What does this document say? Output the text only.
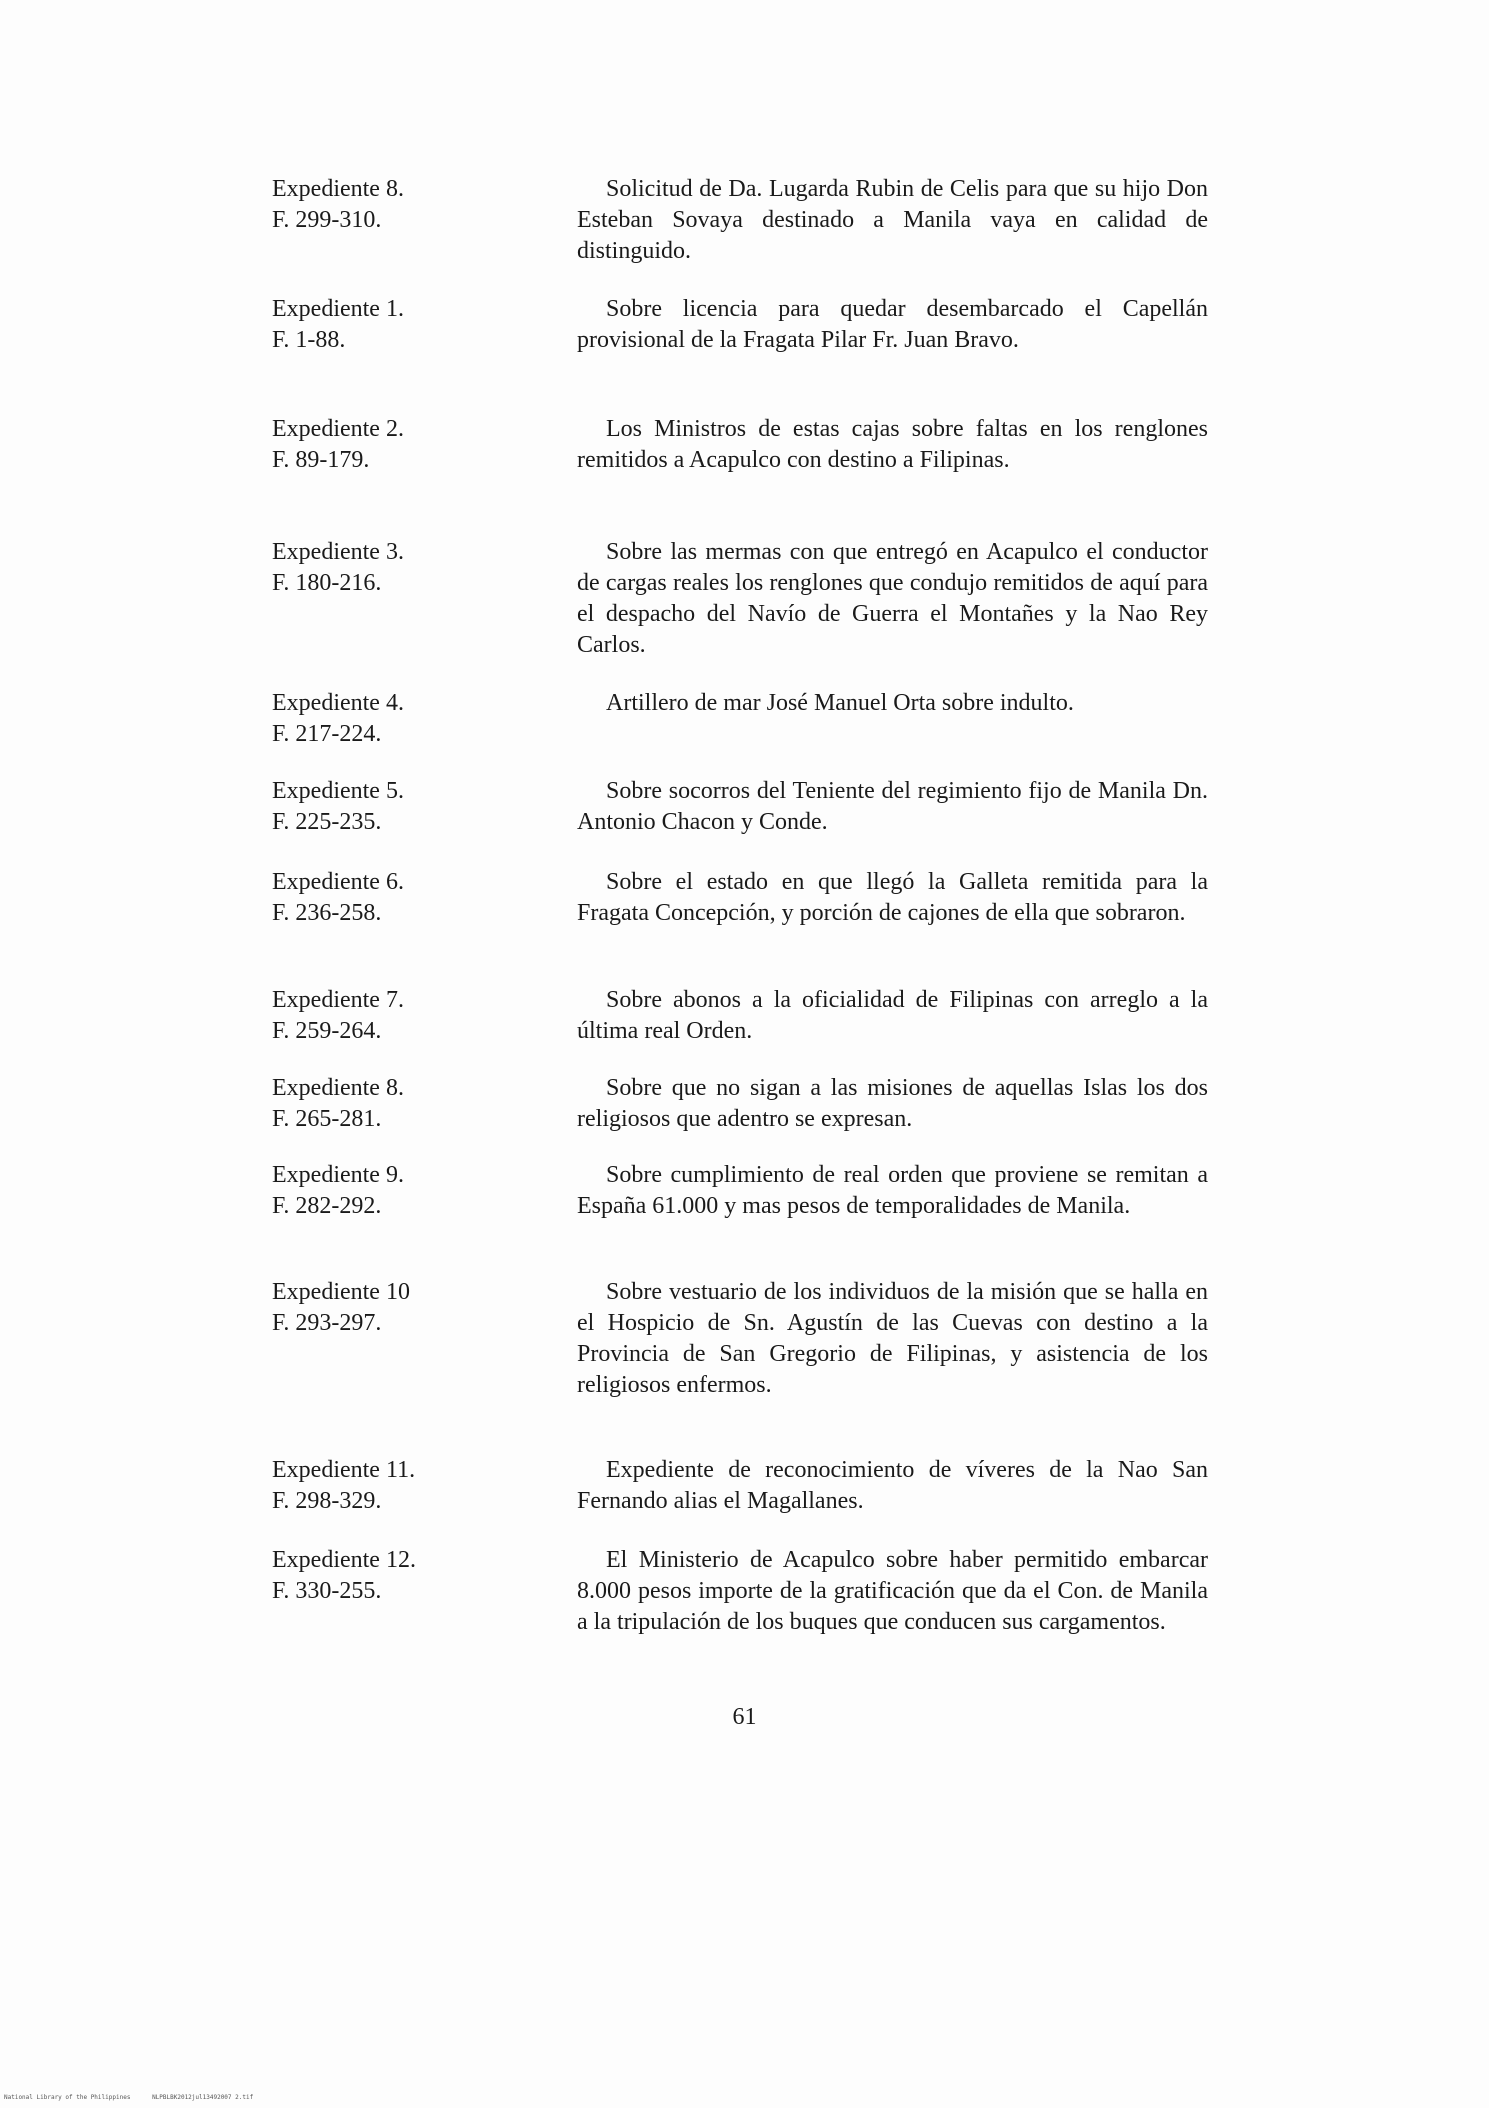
Expediente 8.
F. 299-310.
Solicitud de Da. Lugarda Rubin de Celis para que su hijo Don Esteban Sovaya destinado a Manila vaya en calidad de distinguido.
Expediente 1.
F. 1-88.
Sobre licencia para quedar desembarcado el Capellán provisional de la Fragata Pilar Fr. Juan Bravo.
Expediente 2.
F. 89-179.
Los Ministros de estas cajas sobre faltas en los renglones remitidos a Acapulco con destino a Filipinas.
Expediente 3.
F. 180-216.
Sobre las mermas con que entregó en Acapulco el conductor de cargas reales los renglones que condujo remitidos de aquí para el despacho del Navío de Guerra el Montañes y la Nao Rey Carlos.
Expediente 4.
F. 217-224.
Artillero de mar José Manuel Orta sobre indulto.
Expediente 5.
F. 225-235.
Sobre socorros del Teniente del regimiento fijo de Manila Dn. Antonio Chacon y Conde.
Expediente 6.
F. 236-258.
Sobre el estado en que llegó la Galleta remitida para la Fragata Concepción, y porción de cajones de ella que sobraron.
Expediente 7.
F. 259-264.
Sobre abonos a la oficialidad de Filipinas con arreglo a la última real Orden.
Expediente 8.
F. 265-281.
Sobre que no sigan a las misiones de aquellas Islas los dos religiosos que adentro se expresan.
Expediente 9.
F. 282-292.
Sobre cumplimiento de real orden que proviene se remitan a España 61.000 y mas pesos de temporalidades de Manila.
Expediente 10
F. 293-297.
Sobre vestuario de los individuos de la misión que se halla en el Hospicio de Sn. Agustín de las Cuevas con destino a la Provincia de San Gregorio de Filipinas, y asistencia de los religiosos enfermos.
Expediente 11.
F. 298-329.
Expediente de reconocimiento de víveres de la Nao San Fernando alias el Magallanes.
Expediente 12.
F. 330-255.
El Ministerio de Acapulco sobre haber permitido embarcar 8.000 pesos importe de la gratificación que da el Con. de Manila a la tripulación de los buques que conducen sus cargamentos.
61
National Library of the Philippines	NLPBLBK2012jul13492007 2.tif
